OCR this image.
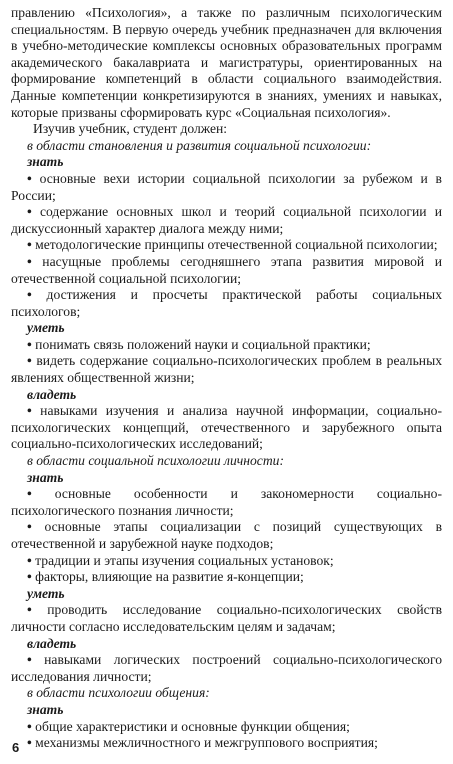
правлению «Психология», а также по различным психологическим специальностям. В первую очередь учебник предназначен для включения в учебно-методические комплексы основных образовательных программ академического бакалавриата и магистратуры, ориентированных на формирование компетенций в области социального взаимодействия. Данные компетенции конкретизируются в знаниях, умениях и навыках, которые призваны сформировать курс «Социальная психология».

Изучив учебник, студент должен:

в области становления и развития социальной психологии:

знать

• основные вехи истории социальной психологии за рубежом и в России;

• содержание основных школ и теорий социальной психологии и дискуссионный характер диалога между ними;

• методологические принципы отечественной социальной психологии;

• насущные проблемы сегодняшнего этапа развития мировой и отечественной социальной психологии;

• достижения и просчеты практической работы социальных психологов;

уметь

• понимать связь положений науки и социальной практики;

• видеть содержание социально-психологических проблем в реальных явлениях общественной жизни;

владеть

• навыками изучения и анализа научной информации, социально-психологических концепций, отечественного и зарубежного опыта социально-психологических исследований;

в области социальной психологии личности:

знать

• основные особенности и закономерности социально-психологического познания личности;

• основные этапы социализации с позиций существующих в отечественной и зарубежной науке подходов;

• традиции и этапы изучения социальных установок;

• факторы, влияющие на развитие я-концепции;

уметь

• проводить исследование социально-психологических свойств личности согласно исследовательским целям и задачам;

владеть

• навыками логических построений социально-психологического исследования личности;

в области психологии общения:

знать

• общие характеристики и основные функции общения;

• механизмы межличностного и межгруппового восприятия;

6
